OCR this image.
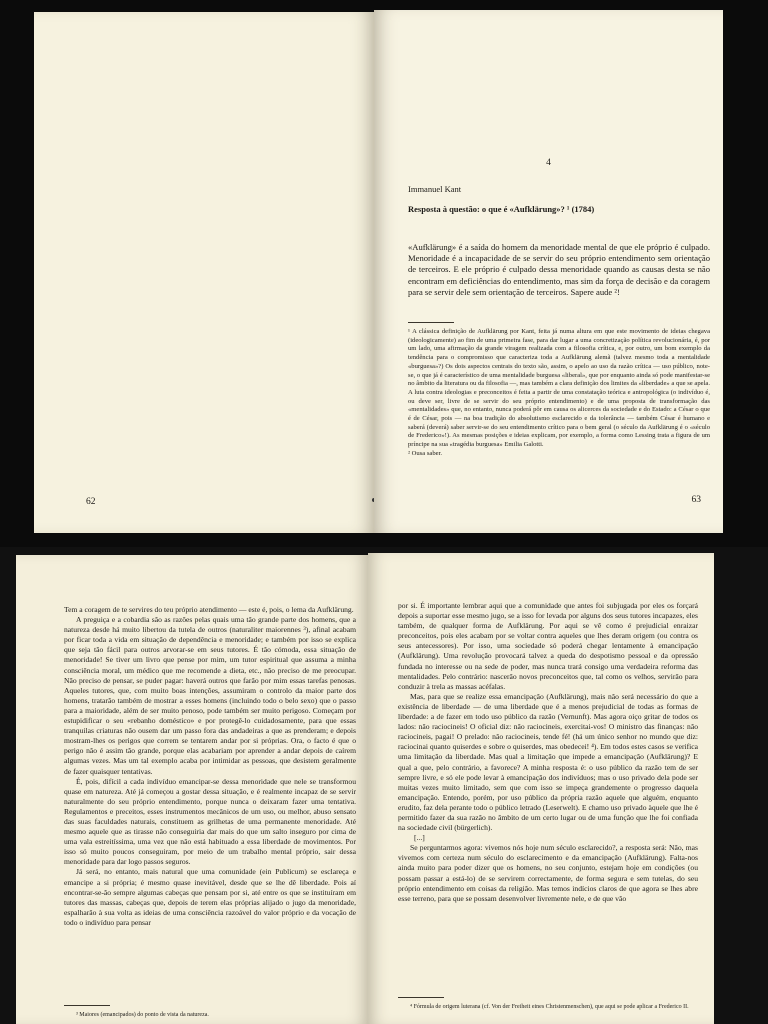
62
4
Immanuel Kant
Resposta à questão: o que é «Aufklärung»? ¹ (1784)

«Aufklärung» é a saída do homem da menoridade mental de que ele próprio é culpado. Menoridade é a incapacidade de se servir do seu próprio entendimento sem orientação de terceiros. E ele próprio é culpado dessa menoridade quando as causas desta se não encontram em deficiências do entendimento, mas sim da força de decisão e da coragem para se servir dele sem orientação de terceiros. Sapere aude ²!

¹ A clássica definição de Aufklärung por Kant, feita já numa altura em que este movimento de ideias chegava (ideologicamente) ao fim de uma primeira fase, para dar lugar a uma concretização política revolucionária, é, por um lado, uma afirmação da grande viragem realizada com a filosofia crítica, e, por outro, um bom exemplo da tendência para o compromisso que caracteriza toda a Aufklärung alemã (talvez mesmo toda a mentalidade «burguesa»?) Os dois aspectos centrais do texto são, assim, o apelo ao uso da razão crítica — uso público, note-se, o que já é característico de uma mentalidade burguesa «liberal», que por enquanto ainda só pode manifestar-se no âmbito da literatura ou da filosofia —, mas também a clara definição dos limites da «liberdade» a que se apela. A luta contra ideologias e preconceitos é feita a partir de uma constatação teórica e antropológica (o indivíduo é, ou deve ser, livre de se servir do seu próprio entendimento) e de uma proposta de transformação das «mentalidades» que, no entanto, nunca poderá pôr em causa os alicerces da sociedade e do Estado: a César o que é de César, pois — na boa tradição do absolutismo esclarecido e da tolerância — também César é humano e saberá (deverá) saber servir-se do seu entendimento crítico para o bem geral (o século da Aufklärung é o «século de Frederico»!). As mesmas posições e ideias explicam, por exemplo, a forma como Lessing trata a figura de um príncipe na sua «tragédia burguesa» Emilia Galotti.

² Ousa saber.

63

Tem a coragem de te servires do teu próprio atendimento — este é, pois, o lema da Aufklärung.

A preguiça e a cobardia são as razões pelas quais uma tão grande parte dos homens, que a natureza desde há muito libertou da tutela de outros (naturaliter maiorennes ³), afinal acabam por ficar toda a vida em situação de dependência e menoridade; e também por isso se explica que seja tão fácil para outros arvorar-se em seus tutores. É tão cómoda, essa situação de menoridade! Se tiver um livro que pense por mim, um tutor espiritual que assuma a minha consciência moral, um médico que me recomende a dieta, etc., não preciso de me preocupar. Não preciso de pensar, se puder pagar: haverá outros que farão por mim essas tarefas penosas. Aqueles tutores, que, com muito boas intenções, assumiram o controlo da maior parte dos homens, tratarão também de mostrar a esses homens (incluindo todo o belo sexo) que o passo para a maioridade, além de ser muito penoso, pode também ser muito perigoso. Começam por estupidificar o seu «rebanho doméstico» e por protegê-lo cuidadosamente, para que essas tranquilas criaturas não ousem dar um passo fora das andadeiras a que as prenderam; e depois mostram-lhes os perigos que correm se tentarem andar por si próprias. Ora, o facto é que o perigo não é assim tão grande, porque elas acabariam por aprender a andar depois de caírem algumas vezes. Mas um tal exemplo acaba por intimidar as pessoas, que desistem geralmente de fazer quaisquer tentativas.

É, pois, difícil a cada indivíduo emancipar-se dessa menoridade que nele se transformou quase em natureza. Até já começou a gostar dessa situação, e é realmente incapaz de se servir naturalmente do seu próprio entendimento, porque nunca o deixaram fazer uma tentativa. Regulamentos e preceitos, esses instrumentos mecânicos de um uso, ou melhor, abuso sensato das suas faculdades naturais, constituem as grilhetas de uma permanente menoridade. Até mesmo aquele que as tirasse não conseguiria dar mais do que um salto inseguro por cima de uma vala estreitíssima, uma vez que não está habituado a essa liberdade de movimentos. Por isso só muito poucos conseguiram, por meio de um trabalho mental próprio, sair dessa menoridade para dar logo passos seguros.

Já será, no entanto, mais natural que uma comunidade (ein Publicum) se esclareça e emancipe a si própria; é mesmo quase inevitável, desde que se lhe dê liberdade. Pois aí encontrar-se-ão sempre algumas cabeças que pensam por si, até entre os que se instituíram em tutores das massas, cabeças que, depois de terem elas próprias alijado o jugo da menoridade, espalharão à sua volta as ideias de uma consciência razoável do valor próprio e da vocação de todo o indivíduo para pensar

³ Maiores (emancipados) do ponto de vista da natureza.

por si. É importante lembrar aqui que a comunidade que antes foi subjugada por eles os forçará depois a suportar esse mesmo jugo, se a isso for levada por alguns dos seus tutores incapazes, eles também, de qualquer forma de Aufklärung. Por aqui se vê como é prejudicial enraizar preconceitos, pois eles acabam por se voltar contra aqueles que lhes deram origem (ou contra os seus antecessores). Por isso, uma sociedade só poderá chegar lentamente à emancipação (Aufklärung). Uma revolução provocará talvez a queda do despotismo pessoal e da opressão fundada no interesse ou na sede de poder, mas nunca trará consigo uma verdadeira reforma das mentalidades. Pelo contrário: nascerão novos preconceitos que, tal como os velhos, servirão para conduzir à trela as massas acéfalas.

Mas, para que se realize essa emancipação (Aufklärung), mais não será necessário do que a existência de liberdade — de uma liberdade que é a menos prejudicial de todas as formas de liberdade: a de fazer em todo uso público da razão (Vernunft). Mas agora oiço gritar de todos os lados: não raciocineis! O oficial diz: não raciocineis, exercitai-vos! O ministro das finanças: não raciocineis, pagai! O prelado: não raciocineis, tende fé! (há um único senhor no mundo que diz: raciocinai quanto quiserdes e sobre o quiserdes, mas obedecei! ⁴). Em todos estes casos se verifica uma limitação da liberdade. Mas qual a limitação que impede a emancipação (Aufklärung)? E qual a que, pelo contrário, a favorece? A minha resposta é: o uso público da razão tem de ser sempre livre, e só ele pode levar à emancipação dos indivíduos; mas o uso privado dela pode ser muitas vezes muito limitado, sem que com isso se impeça grandemente o progresso daquela emancipação. Entendo, porém, por uso público da própria razão aquele que alguém, enquanto erudito, faz dela perante todo o público letrado (Leserwelt). E chamo uso privado àquele que lhe é permitido fazer da sua razão no âmbito de um certo lugar ou de uma função que lhe foi confiada na sociedade civil (bürgerlich).

[...]

Se perguntarmos agora: vivemos nós hoje num século esclarecido?, a resposta será: Não, mas vivemos com certeza num século do esclarecimento e da emancipação (Aufklärung). Falta-nos ainda muito para poder dizer que os homens, no seu conjunto, estejam hoje em condições (ou possam passar a está-lo) de se servirem correctamente, de forma segura e sem tutelas, do seu próprio entendimento em coisas da religião. Mas temos indícios claros de que agora se lhes abre esse terreno, para que se possam desenvolver livremente nele, e de que vão

⁴ Fórmula de origem luterana (cf. Von der Freiheit eines Christenmenschen), que aqui se pode aplicar a Frederico II.
